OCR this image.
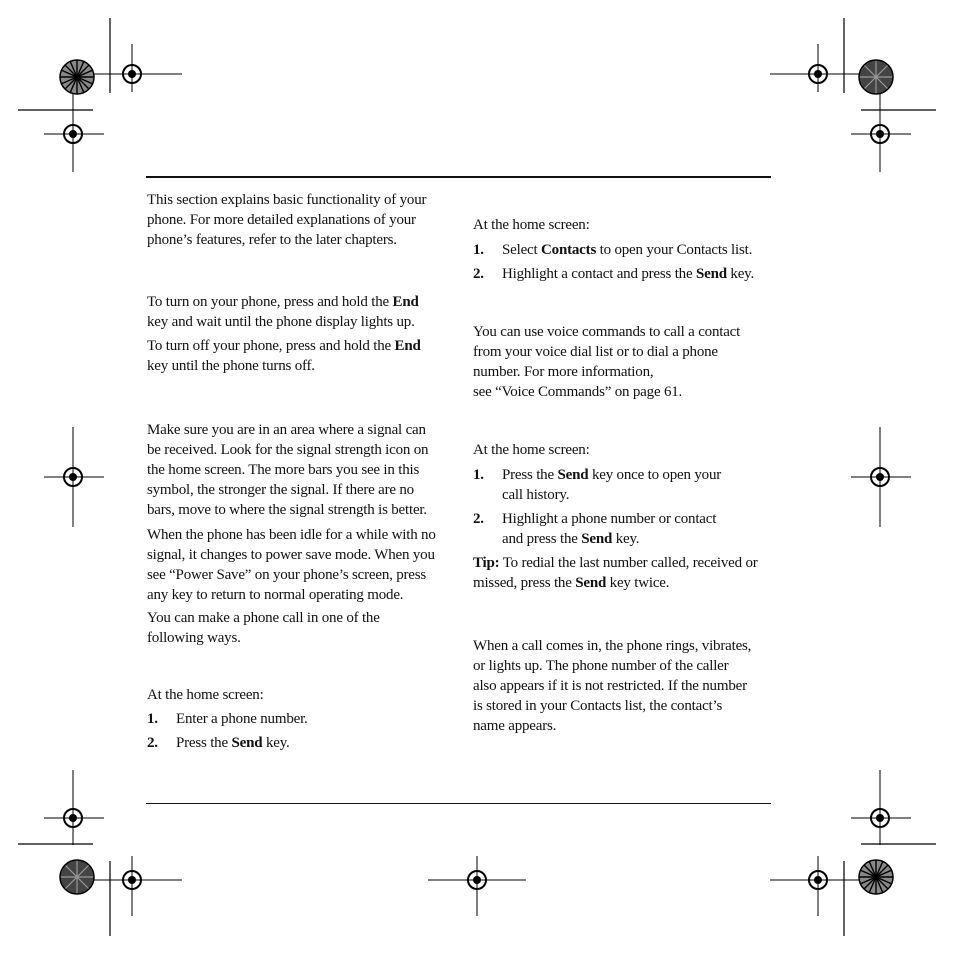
This section explains basic functionality of your
phone. For more detailed explanations of your
phone’s features, refer to the later chapters.

To turn on your phone, press and hold the End
key and wait until the phone display lights up.

To turn off your phone, press and hold the End
key until the phone turns off.

Make sure you are in an area where a signal can
be received. Look for the signal strength icon on
the home screen. The more bars you see in this
symbol, the stronger the signal. If there are no
bars, move to where the signal strength is better.

When the phone has been idle for a while with no
signal, it changes to power save mode. When you
see “Power Save” on your phone’s screen, press
any key to return to normal operating mode.

You can make a phone call in one of the
following ways.

At the home screen:

1. Enter a phone number.
2. Press the Send key.

At the home screen:

1. Select Contacts to open your Contacts list.
2. Highlight a contact and press the Send key.

You can use voice commands to call a contact
from your voice dial list or to dial a phone
number. For more information,
see “Voice Commands” on page 61.

At the home screen:

1. Press the Send key once to open your
call history.
2. Highlight a phone number or contact
and press the Send key.

Tip: To redial the last number called, received or
missed, press the Send key twice.

When a call comes in, the phone rings, vibrates,
or lights up. The phone number of the caller
also appears if it is not restricted. If the number
is stored in your Contacts list, the contact’s
name appears.
